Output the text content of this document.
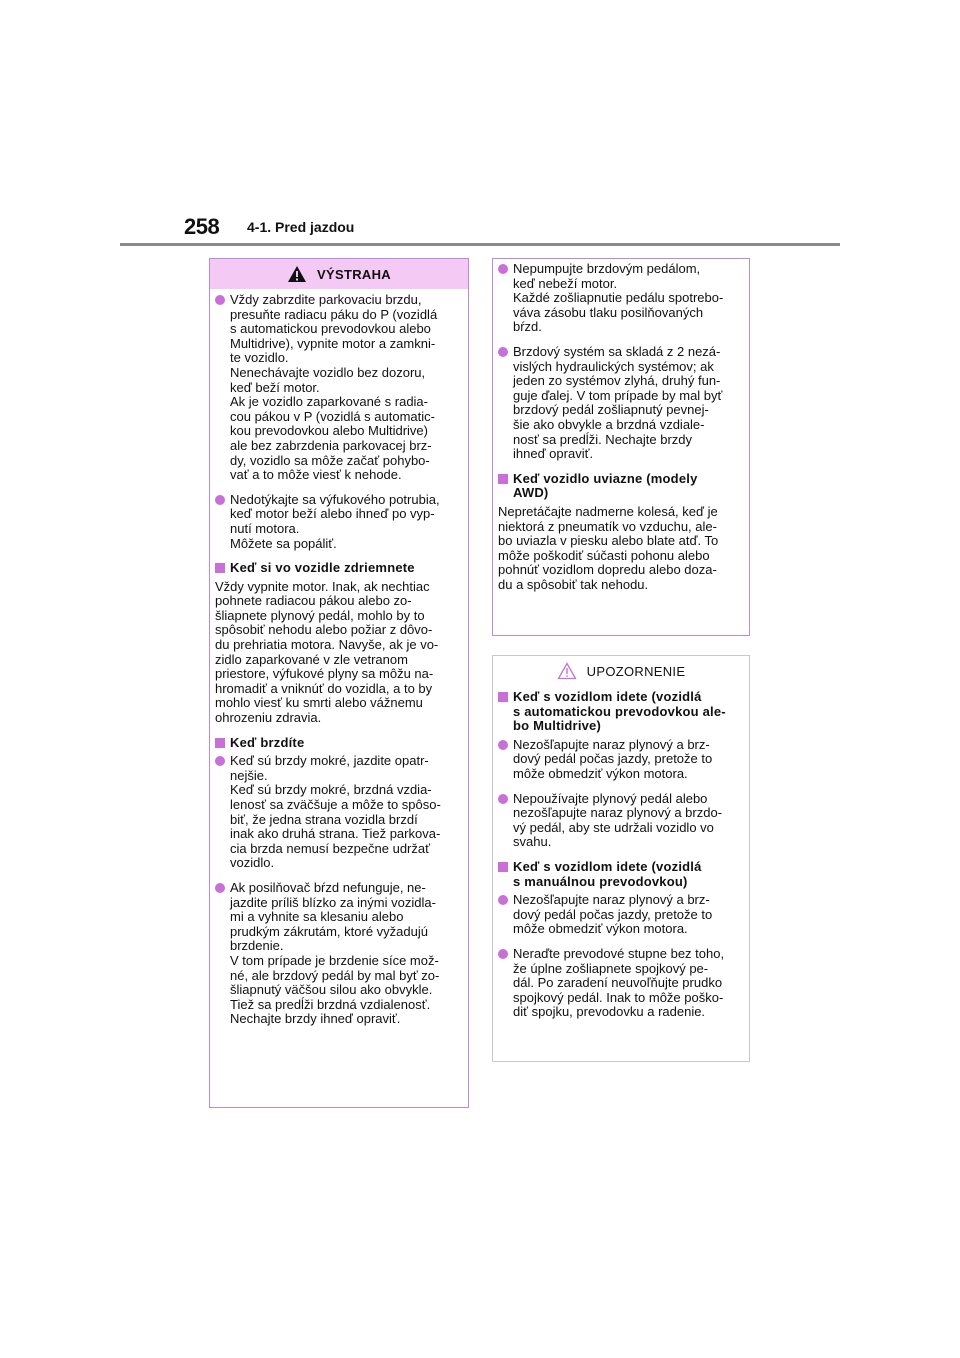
258 4-1. Pred jazdou
VÝSTRAHA
Vždy zabrzdite parkovaciu brzdu,
presuňte radiacu páku do P (vozidlá
s automatickou prevodovkou alebo
Multidrive), vypnite motor a zamkni-
te vozidlo.
Nenechávajte vozidlo bez dozoru,
keď beží motor.
Ak je vozidlo zaparkované s radia-
cou pákou v P (vozidlá s automatic-
kou prevodovkou alebo Multidrive)
ale bez zabrzdenia parkovacej brz-
dy, vozidlo sa môže začať pohybo-
vať a to môže viesť k nehode.
Nedotýkajte sa výfukového potrubia,
keď motor beží alebo ihneď po vyp-
nutí motora.
Môžete sa popáliť.
Keď si vo vozidle zdriemnete
Vždy vypnite motor. Inak, ak nechtiac
pohnete radiacou pákou alebo zo-
šliapnete plynový pedál, mohlo by to
spôsobiť nehodu alebo požiar z dôvo-
du prehriatia motora. Navyše, ak je vo-
zidlo zaparkované v zle vetranom
priestore, výfukové plyny sa môžu na-
hromadiť a vniknúť do vozidla, a to by
mohlo viesť ku smrti alebo vážnemu
ohrozeniu zdravia.
Keď brzdíte
Keď sú brzdy mokré, jazdite opatr-
nejšie.
Keď sú brzdy mokré, brzdná vzdia-
lenosť sa zväčšuje a môže to spôso-
biť, že jedna strana vozidla brzdí
inak ako druhá strana. Tiež parkova-
cia brzda nemusí bezpečne udržať
vozidlo.
Ak posilňovač bŕzd nefunguje, ne-
jazdite príliš blízko za inými vozidla-
mi a vyhnite sa klesaniu alebo
prudkým zákrutám, ktoré vyžadujú
brzdenie.
V tom prípade je brzdenie síce mož-
né, ale brzdový pedál by mal byť zo-
šliapnutý väčšou silou ako obvykle.
Tiež sa predĺži brzdná vzdialenosť.
Nechajte brzdy ihneď opraviť.
Nepumpujte brzdovým pedálom,
keď nebeží motor.
Každé zošliapnutie pedálu spotrebo-
váva zásobu tlaku posilňovaných
bŕzd.
Brzdový systém sa skladá z 2 nezá-
vislých hydraulických systémov; ak
jeden zo systémov zlyhá, druhý fun-
guje ďalej. V tom prípade by mal byť
brzdový pedál zošliapnutý pevnej-
šie ako obvykle a brzdná vzdiale-
nosť sa predĺži. Nechajte brzdy
ihneď opraviť.
Keď vozidlo uviazne (modely
AWD)
Nepretáčajte nadmerne kolesá, keď je
niektorá z pneumatík vo vzduchu, ale-
bo uviazla v piesku alebo blate atď. To
môže poškodiť súčasti pohonu alebo
pohnúť vozidlom dopredu alebo doza-
du a spôsobiť tak nehodu.
UPOZORNENIE
Keď s vozidlom idete (vozidlá
s automatickou prevodovkou ale-
bo Multidrive)
Nezošľapujte naraz plynový a brz-
dový pedál počas jazdy, pretože to
môže obmedziť výkon motora.
Nepoužívajte plynový pedál alebo
nezošľapujte naraz plynový a brzdo-
vý pedál, aby ste udržali vozidlo vo
svahu.
Keď s vozidlom idete (vozidlá
s manuálnou prevodovkou)
Nezošľapujte naraz plynový a brz-
dový pedál počas jazdy, pretože to
môže obmedziť výkon motora.
Neraďte prevodové stupne bez toho,
že úplne zošliapnete spojkový pe-
dál. Po zaradení neuvoľňujte prudko
spojkový pedál. Inak to môže poško-
diť spojku, prevodovku a radenie.
